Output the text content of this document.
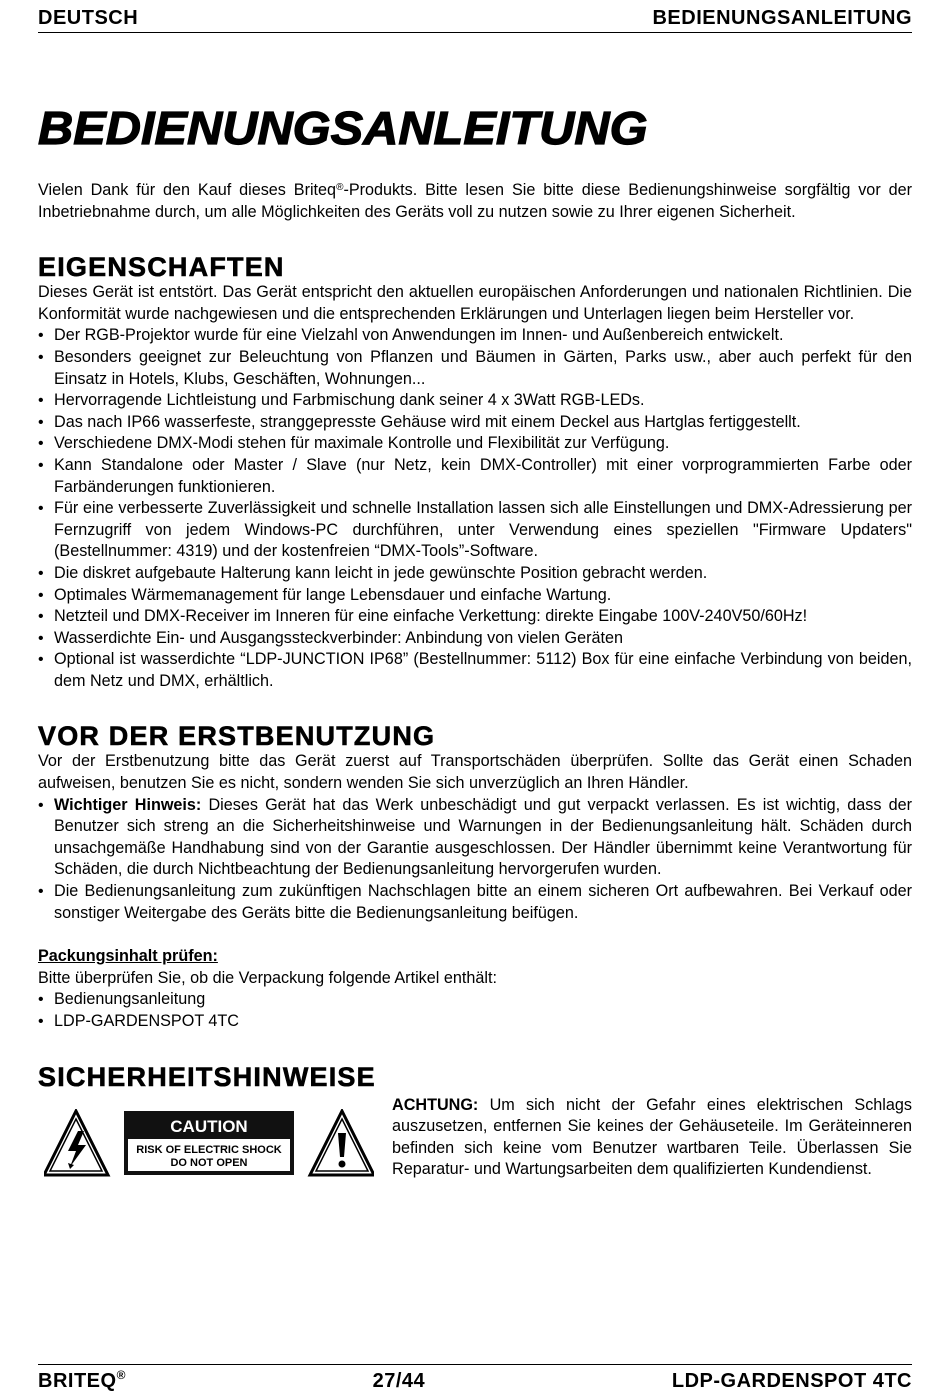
DEUTSCH	BEDIENUNGSANLEITUNG
BEDIENUNGSANLEITUNG

Vielen Dank für den Kauf dieses Briteq®-Produkts. Bitte lesen Sie bitte diese Bedienungshinweise sorgfältig vor der Inbetriebnahme durch, um alle Möglichkeiten des Geräts voll zu nutzen sowie zu Ihrer eigenen Sicherheit.

EIGENSCHAFTEN

Dieses Gerät ist entstört. Das Gerät entspricht den aktuellen europäischen Anforderungen und nationalen Richtlinien. Die Konformität wurde nachgewiesen und die entsprechenden Erklärungen und Unterlagen liegen beim Hersteller vor.

• Der RGB-Projektor wurde für eine Vielzahl von Anwendungen im Innen- und Außenbereich entwickelt.
• Besonders geeignet zur Beleuchtung von Pflanzen und Bäumen in Gärten, Parks usw., aber auch perfekt für den Einsatz in Hotels, Klubs, Geschäften, Wohnungen...
• Hervorragende Lichtleistung und Farbmischung dank seiner 4 x 3Watt RGB-LEDs.
• Das nach IP66 wasserfeste, stranggepresste Gehäuse wird mit einem Deckel aus Hartglas fertiggestellt.
• Verschiedene DMX-Modi stehen für maximale Kontrolle und Flexibilität zur Verfügung.
• Kann Standalone oder Master / Slave (nur Netz, kein DMX-Controller) mit einer vorprogrammierten Farbe oder Farbänderungen funktionieren.
• Für eine verbesserte Zuverlässigkeit und schnelle Installation lassen sich alle Einstellungen und DMX-Adressierung per Fernzugriff von jedem Windows-PC durchführen, unter Verwendung eines speziellen "Firmware Updaters" (Bestellnummer: 4319) und der kostenfreien “DMX-Tools”-Software.
• Die diskret aufgebaute Halterung kann leicht in jede gewünschte Position gebracht werden.
• Optimales Wärmemanagement für lange Lebensdauer und einfache Wartung.
• Netzteil und DMX-Receiver im Inneren für eine einfache Verkettung: direkte Eingabe 100V-240V50/60Hz!
• Wasserdichte Ein- und Ausgangssteckverbinder: Anbindung von vielen Geräten
• Optional ist wasserdichte “LDP-JUNCTION IP68” (Bestellnummer: 5112) Box für eine einfache Verbindung von beiden, dem Netz und DMX, erhältlich.
VOR DER ERSTBENUTZUNG

Vor der Erstbenutzung bitte das Gerät zuerst auf Transportschäden überprüfen. Sollte das Gerät einen Schaden aufweisen, benutzen Sie es nicht, sondern wenden Sie sich unverzüglich an Ihren Händler.

• Wichtiger Hinweis: Dieses Gerät hat das Werk unbeschädigt und gut verpackt verlassen. Es ist wichtig, dass der Benutzer sich streng an die Sicherheitshinweise und Warnungen in der Bedienungsanleitung hält. Schäden durch unsachgemäße Handhabung sind von der Garantie ausgeschlossen. Der Händler übernimmt keine Verantwortung für Schäden, die durch Nichtbeachtung der Bedienungsanleitung hervorgerufen wurden.
• Die Bedienungsanleitung zum zukünftigen Nachschlagen bitte an einem sicheren Ort aufbewahren. Bei Verkauf oder sonstiger Weitergabe des Geräts bitte die Bedienungsanleitung beifügen.
Packungsinhalt prüfen:

Bitte überprüfen Sie, ob die Verpackung folgende Artikel enthält:

• Bedienungsanleitung
• LDP-GARDENSPOT 4TC
SICHERHEITSHINWEISE
CAUTION
RISK OF ELECTRIC SHOCK
DO NOT OPEN

ACHTUNG: Um sich nicht der Gefahr eines elektrischen Schlags auszusetzen, entfernen Sie keines der Gehäuseteile. Im Geräteinneren befinden sich keine vom Benutzer wartbaren Teile. Überlassen Sie Reparatur- und Wartungsarbeiten dem qualifizierten Kundendienst.

BRITEQ®	27/44	LDP-GARDENSPOT 4TC
